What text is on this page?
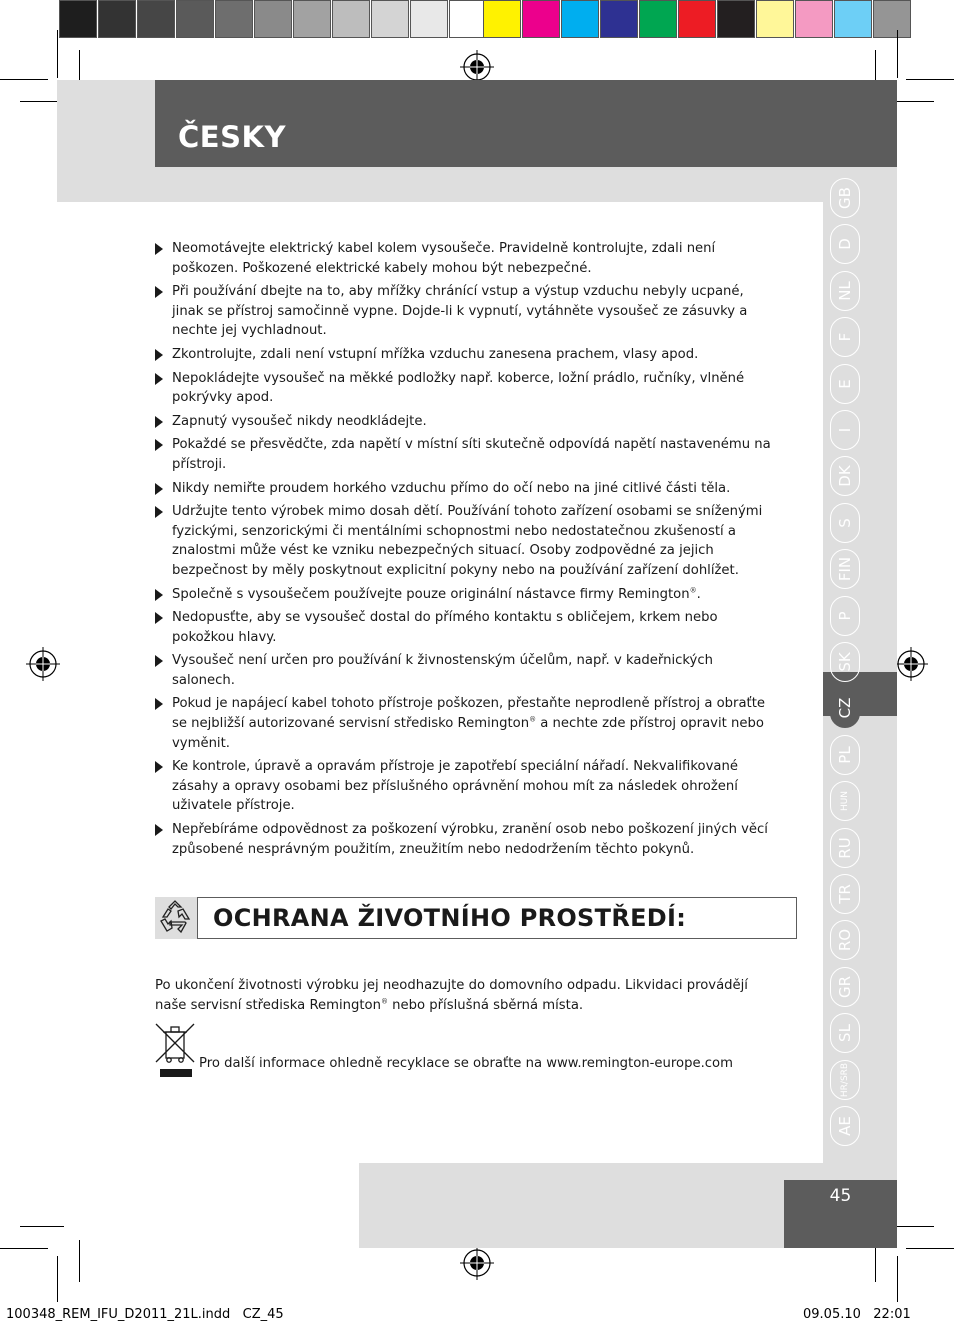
ČESKY
GB
D
NL
F
E
I
DK
S
FIN
P
SK
CZ
PL
HUN
RU
TR
RO
GR
SL
HR/SRB
AE
Neomotávejte elektrický kabel kolem vysoušeče. Pravidelně kontrolujte, zdali není poškozen. Poškozené elektrické kabely mohou být nebezpečné.
Při používání dbejte na to, aby mřížky chránící vstup a výstup vzduchu nebyly ucpané, jinak se přístroj samočinně vypne. Dojde-li k vypnutí, vytáhněte vysoušeč ze zásuvky a nechte jej vychladnout.
Zkontrolujte, zdali není vstupní mřížka vzduchu zanesena prachem, vlasy apod.
Nepokládejte vysoušeč na měkké podložky např. koberce, ložní prádlo, ručníky, vlněné pokrývky apod.
Zapnutý vysoušeč nikdy neodkládejte.
Pokaždé se přesvědčte, zda napětí v místní síti skutečně odpovídá napětí nastavenému na přístroji.
Nikdy nemiřte proudem horkého vzduchu přímo do očí nebo na jiné citlivé části těla.
Udržujte tento výrobek mimo dosah dětí. Používání tohoto zařízení osobami se sníženými fyzickými, senzorickými či mentálními schopnostmi nebo nedostatečnou zkušeností a znalostmi může vést ke vzniku nebezpečných situací. Osoby zodpovědné za jejich bezpečnost by měly poskytnout explicitní pokyny nebo na používání zařízení dohlížet.
Společně s vysoušečem používejte pouze originální nástavce firmy Remington®.
Nedopusťte, aby se vysoušeč dostal do přímého kontaktu s obličejem, krkem nebo pokožkou hlavy.
Vysoušeč není určen pro používání k živnostenským účelům, např. v kadeřnických salonech.
Pokud je napájecí kabel tohoto přístroje poškozen, přestaňte neprodleně přístroj a obraťte se nejbližší autorizované servisní středisko Remington® a nechte zde přístroj opravit nebo vyměnit.
Ke kontrole, úpravě a opravám přístroje je zapotřebí speciální nářadí. Nekvalifikované zásahy a opravy osobami bez příslušného oprávnění mohou mít za následek ohrožení uživatele přístroje.
Nepřebíráme odpovědnost za poškození výrobku, zranění osob nebo poškození jiných věcí způsobené nesprávným použitím, zneužitím nebo nedodržením těchto pokynů.
OCHRANA ŽIVOTNÍHO PROSTŘEDÍ:
Po ukončení životnosti výrobku jej neodhazujte do domovního odpadu. Likvidaci provádějí naše servisní střediska Remington® nebo příslušná sběrná místa.
Pro další informace ohledně recyklace se obraťte na www.remington-europe.com
45
100348_REM_IFU_D2011_21L.indd   CZ_45	09.05.10   22:01
